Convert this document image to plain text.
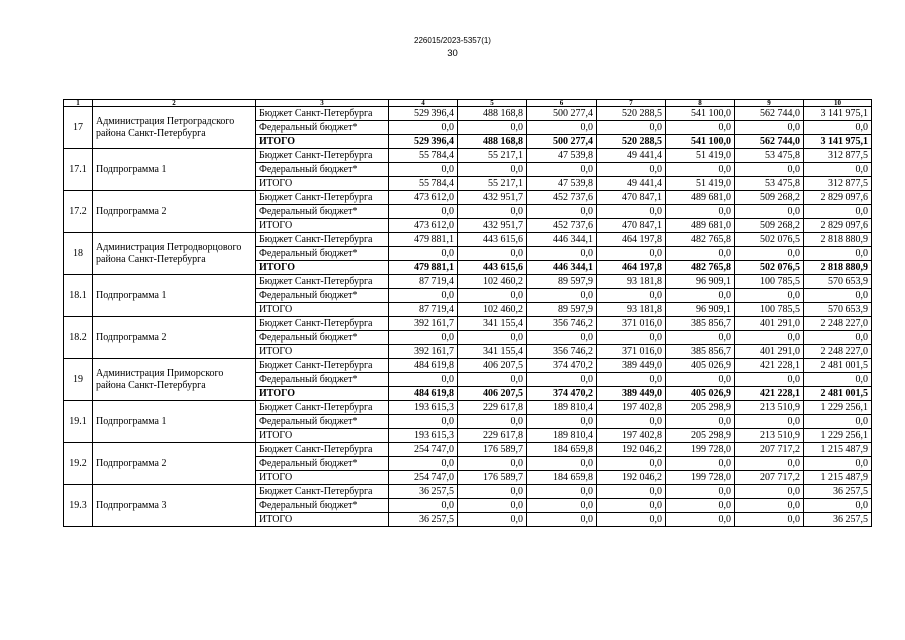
226015/2023-5357(1)
30
1	2	3	4	5	6	7	8	9	10
17	Администрация Петроградского района Санкт-Петербурга	Бюджет Санкт-Петербурга	529 396,4	488 168,8	500 277,4	520 288,5	541 100,0	562 744,0	3 141 975,1
		Федеральный бюджет*	0,0	0,0	0,0	0,0	0,0	0,0	0,0
		ИТОГО	529 396,4	488 168,8	500 277,4	520 288,5	541 100,0	562 744,0	3 141 975,1
17.1	Подпрограмма 1	Бюджет Санкт-Петербурга	55 784,4	55 217,1	47 539,8	49 441,4	51 419,0	53 475,8	312 877,5
		Федеральный бюджет*	0,0	0,0	0,0	0,0	0,0	0,0	0,0
		ИТОГО	55 784,4	55 217,1	47 539,8	49 441,4	51 419,0	53 475,8	312 877,5
17.2	Подпрограмма 2	Бюджет Санкт-Петербурга	473 612,0	432 951,7	452 737,6	470 847,1	489 681,0	509 268,2	2 829 097,6
		Федеральный бюджет*	0,0	0,0	0,0	0,0	0,0	0,0	0,0
		ИТОГО	473 612,0	432 951,7	452 737,6	470 847,1	489 681,0	509 268,2	2 829 097,6
18	Администрация Петродворцового района Санкт-Петербурга	Бюджет Санкт-Петербурга	479 881,1	443 615,6	446 344,1	464 197,8	482 765,8	502 076,5	2 818 880,9
		Федеральный бюджет*	0,0	0,0	0,0	0,0	0,0	0,0	0,0
		ИТОГО	479 881,1	443 615,6	446 344,1	464 197,8	482 765,8	502 076,5	2 818 880,9
18.1	Подпрограмма 1	Бюджет Санкт-Петербурга	87 719,4	102 460,2	89 597,9	93 181,8	96 909,1	100 785,5	570 653,9
		Федеральный бюджет*	0,0	0,0	0,0	0,0	0,0	0,0	0,0
		ИТОГО	87 719,4	102 460,2	89 597,9	93 181,8	96 909,1	100 785,5	570 653,9
18.2	Подпрограмма 2	Бюджет Санкт-Петербурга	392 161,7	341 155,4	356 746,2	371 016,0	385 856,7	401 291,0	2 248 227,0
		Федеральный бюджет*	0,0	0,0	0,0	0,0	0,0	0,0	0,0
		ИТОГО	392 161,7	341 155,4	356 746,2	371 016,0	385 856,7	401 291,0	2 248 227,0
19	Администрация Приморского района Санкт-Петербурга	Бюджет Санкт-Петербурга	484 619,8	406 207,5	374 470,2	389 449,0	405 026,9	421 228,1	2 481 001,5
		Федеральный бюджет*	0,0	0,0	0,0	0,0	0,0	0,0	0,0
		ИТОГО	484 619,8	406 207,5	374 470,2	389 449,0	405 026,9	421 228,1	2 481 001,5
19.1	Подпрограмма 1	Бюджет Санкт-Петербурга	193 615,3	229 617,8	189 810,4	197 402,8	205 298,9	213 510,9	1 229 256,1
		Федеральный бюджет*	0,0	0,0	0,0	0,0	0,0	0,0	0,0
		ИТОГО	193 615,3	229 617,8	189 810,4	197 402,8	205 298,9	213 510,9	1 229 256,1
19.2	Подпрограмма 2	Бюджет Санкт-Петербурга	254 747,0	176 589,7	184 659,8	192 046,2	199 728,0	207 717,2	1 215 487,9
		Федеральный бюджет*	0,0	0,0	0,0	0,0	0,0	0,0	0,0
		ИТОГО	254 747,0	176 589,7	184 659,8	192 046,2	199 728,0	207 717,2	1 215 487,9
19.3	Подпрограмма 3	Бюджет Санкт-Петербурга	36 257,5	0,0	0,0	0,0	0,0	0,0	36 257,5
		Федеральный бюджет*	0,0	0,0	0,0	0,0	0,0	0,0	0,0
		ИТОГО	36 257,5	0,0	0,0	0,0	0,0	0,0	36 257,5
